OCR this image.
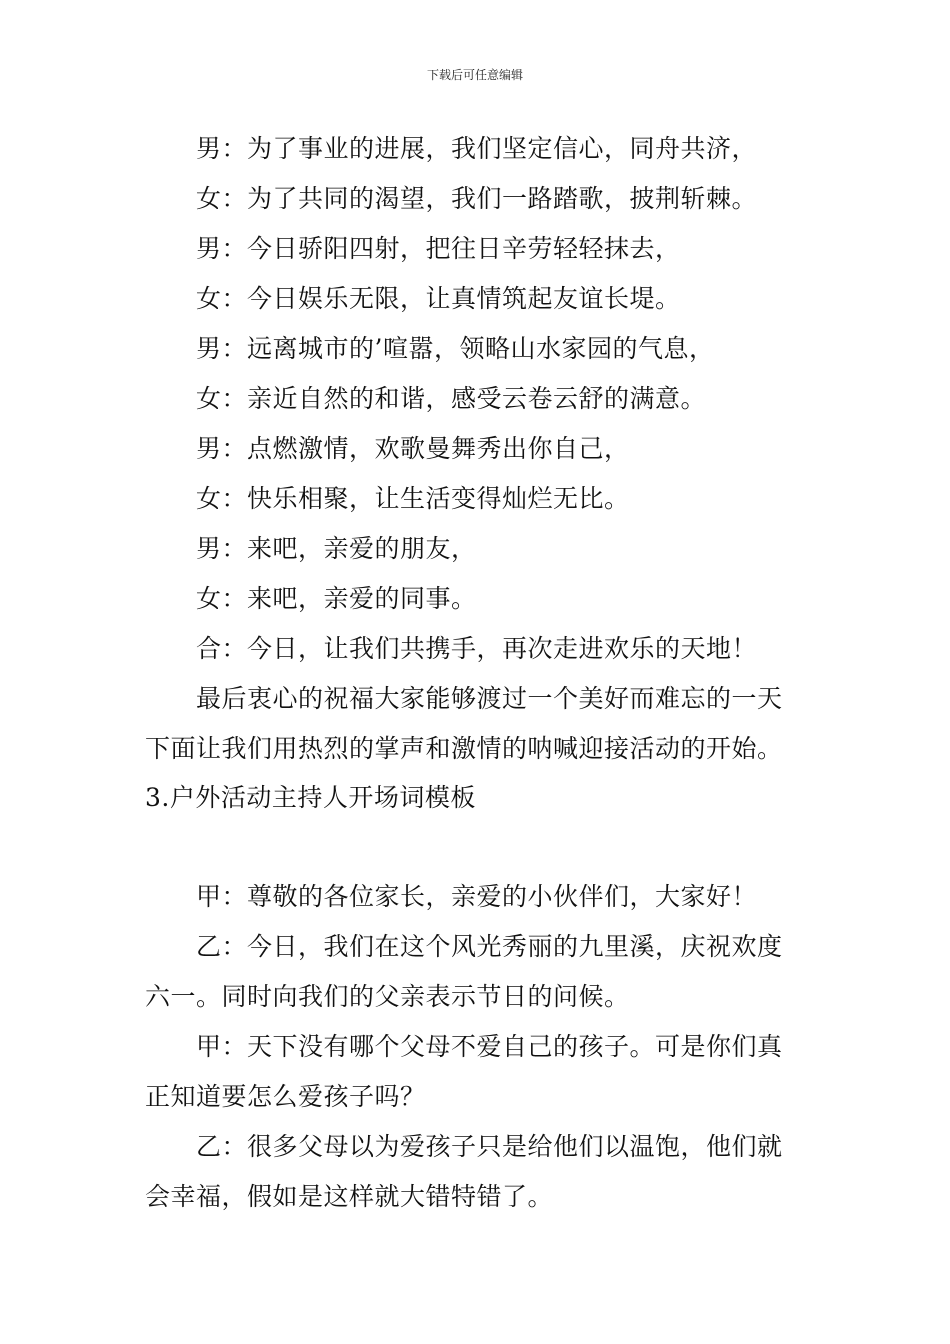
下载后可任意编辑
男：为了事业的进展，我们坚定信心，同舟共济，
女：为了共同的渴望，我们一路踏歌，披荆斩棘。
男：今日骄阳四射，把往日辛劳轻轻抹去，
女：今日娱乐无限，让真情筑起友谊长堤。
男：远离城市的’喧嚣，领略山水家园的气息，
女：亲近自然的和谐，感受云卷云舒的满意。
男：点燃激情，欢歌曼舞秀出你自己，
女：快乐相聚，让生活变得灿烂无比。
男：来吧，亲爱的朋友，
女：来吧，亲爱的同事。
合：今日，让我们共携手，再次走进欢乐的天地！
最后衷心的祝福大家能够渡过一个美好而难忘的一天
下面让我们用热烈的掌声和激情的呐喊迎接活动的开始。
3.户外活动主持人开场词模板
甲：尊敬的各位家长，亲爱的小伙伴们，大家好！
乙：今日，我们在这个风光秀丽的九里溪，庆祝欢度
六一。同时向我们的父亲表示节日的问候。
甲：天下没有哪个父母不爱自己的孩子。可是你们真
正知道要怎么爱孩子吗？
乙：很多父母以为爱孩子只是给他们以温饱，他们就
会幸福，假如是这样就大错特错了。
